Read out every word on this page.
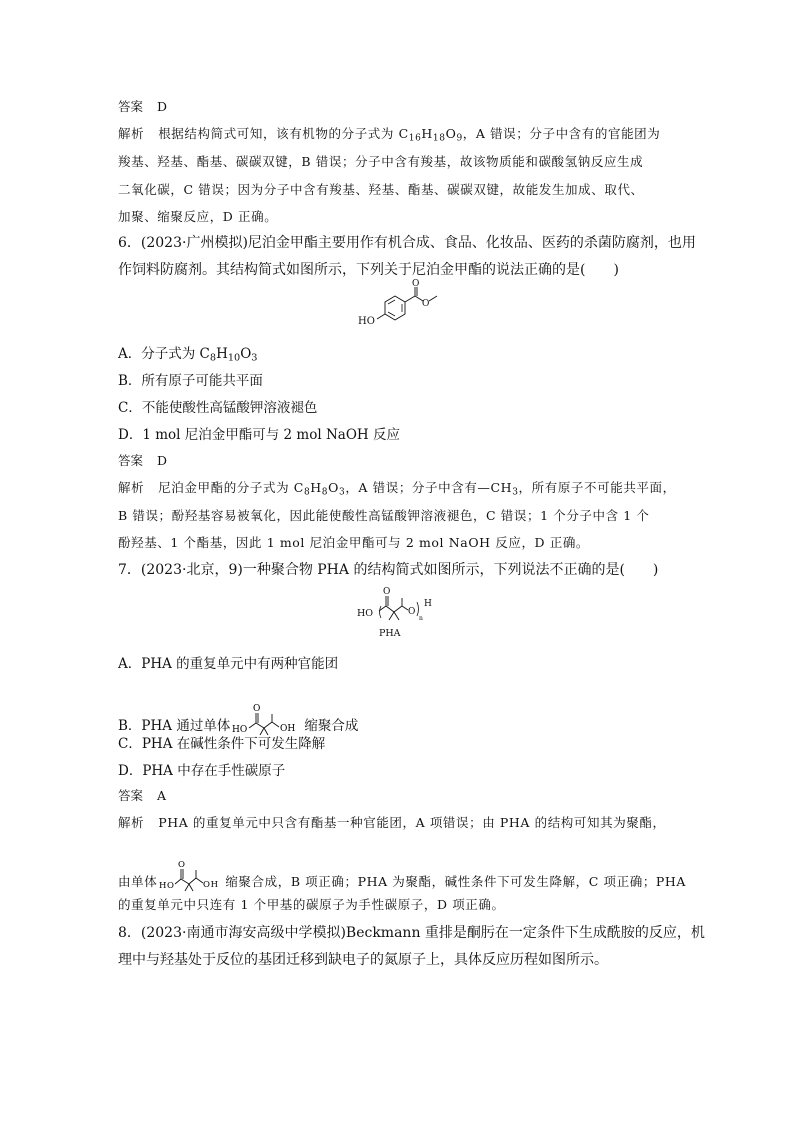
答案 D
解析 根据结构简式可知，该有机物的分子式为 $C_{16}H_{18}O_9$，A 错误；分子中含有的官能团为
羧基、羟基、酯基、碳碳双键，B 错误；分子中含有羧基，故该物质能和碳酸氢钠反应生成
二氧化碳，C 错误；因为分子中含有羧基、羟基、酯基、碳碳双键，故能发生加成、取代、
加聚、缩聚反应，D 正确。
6．(2023·广州模拟)尼泊金甲酯主要用作有机合成、食品、化妆品、医药的杀菌防腐剂，也用
作饲料防腐剂。其结构简式如图所示，下列关于尼泊金甲酯的说法正确的是(　　)
HO
O
O
A．分子式为 $C_8H_{10}O_3$
B．所有原子可能共平面
C．不能使酸性高锰酸钾溶液褪色
D．1 mol 尼泊金甲酯可与 2 mol NaOH 反应
答案 D
解析 尼泊金甲酯的分子式为 $C_8H_8O_3$，A 错误；分子中含有$—CH_3$，所有原子不可能共平面，
B 错误；酚羟基容易被氧化，因此能使酸性高锰酸钾溶液褪色，C 错误；1 个分子中含 1 个
酚羟基、1 个酯基，因此 1 mol 尼泊金甲酯可与 2 mol NaOH 反应，D 正确。
7．(2023·北京，9)一种聚合物 PHA 的结构简式如图所示，下列说法不正确的是(　　)
HO
O
O
n
H
PHA
A．PHA 的重复单元中有两种官能团
B．PHA 通过单体 HO
O
OH 缩聚合成
C．PHA 在碱性条件下可发生降解
D．PHA 中存在手性碳原子
答案 A
解析 PHA 的重复单元中只含有酯基一种官能团，A 项错误；由 PHA 的结构可知其为聚酯，
由单体 HO
O
OH 缩聚合成，B 项正确；PHA 为聚酯，碱性条件下可发生降解，C 项正确；PHA
的重复单元中只连有 1 个甲基的碳原子为手性碳原子，D 项正确。
8．(2023·南通市海安高级中学模拟)Beckmann 重排是酮肟在一定条件下生成酰胺的反应，机
理中与羟基处于反位的基团迁移到缺电子的氮原子上，具体反应历程如图所示。
